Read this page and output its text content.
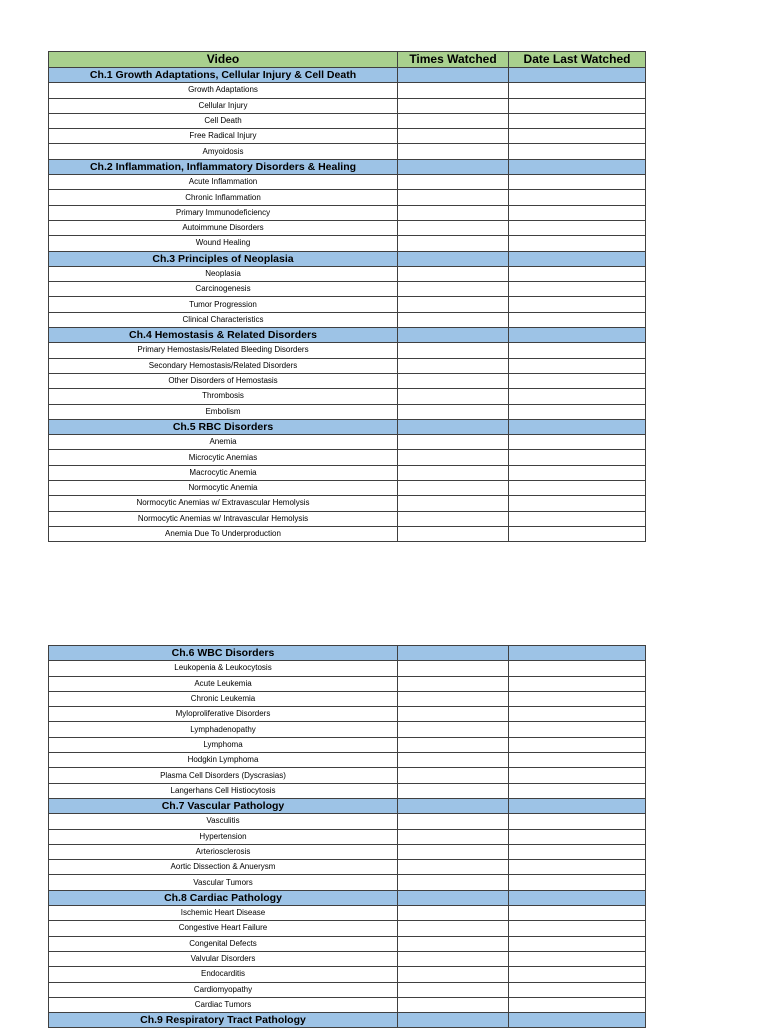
Video	Times Watched	Date Last Watched
Ch.1 Growth Adaptations, Cellular Injury & Cell Death		
Growth Adaptations		
Cellular Injury		
Cell Death		
Free Radical Injury		
Amyoidosis		
Ch.2 Inflammation, Inflammatory Disorders & Healing		
Acute Inflammation		
Chronic Inflammation		
Primary Immunodeficiency		
Autoimmune Disorders		
Wound Healing		
Ch.3 Principles of Neoplasia		
Neoplasia		
Carcinogenesis		
Tumor Progression		
Clinical Characteristics		
Ch.4 Hemostasis & Related Disorders		
Primary Hemostasis/Related Bleeding Disorders		
Secondary Hemostasis/Related Disorders		
Other Disorders of Hemostasis		
Thrombosis		
Embolism		
Ch.5 RBC Disorders		
Anemia		
Microcytic Anemias		
Macrocytic Anemia		
Normocytic Anemia		
Normocytic Anemias w/ Extravascular Hemolysis		
Normocytic Anemias w/ Intravascular Hemolysis		
Anemia Due To Underproduction		
Ch.6 WBC Disorders		
Leukopenia & Leukocytosis		
Acute Leukemia		
Chronic Leukemia		
Myloproliferative Disorders		
Lymphadenopathy		
Lymphoma		
Hodgkin Lymphoma		
Plasma Cell Disorders (Dyscrasias)		
Langerhans Cell Histiocytosis		
Ch.7 Vascular Pathology		
Vasculitis		
Hypertension		
Arteriosclerosis		
Aortic Dissection & Anuerysm		
Vascular Tumors		
Ch.8 Cardiac Pathology		
Ischemic Heart Disease		
Congestive Heart Failure		
Congenital Defects		
Valvular Disorders		
Endocarditis		
Cardiomyopathy		
Cardiac Tumors		
Ch.9 Respiratory Tract Pathology		
